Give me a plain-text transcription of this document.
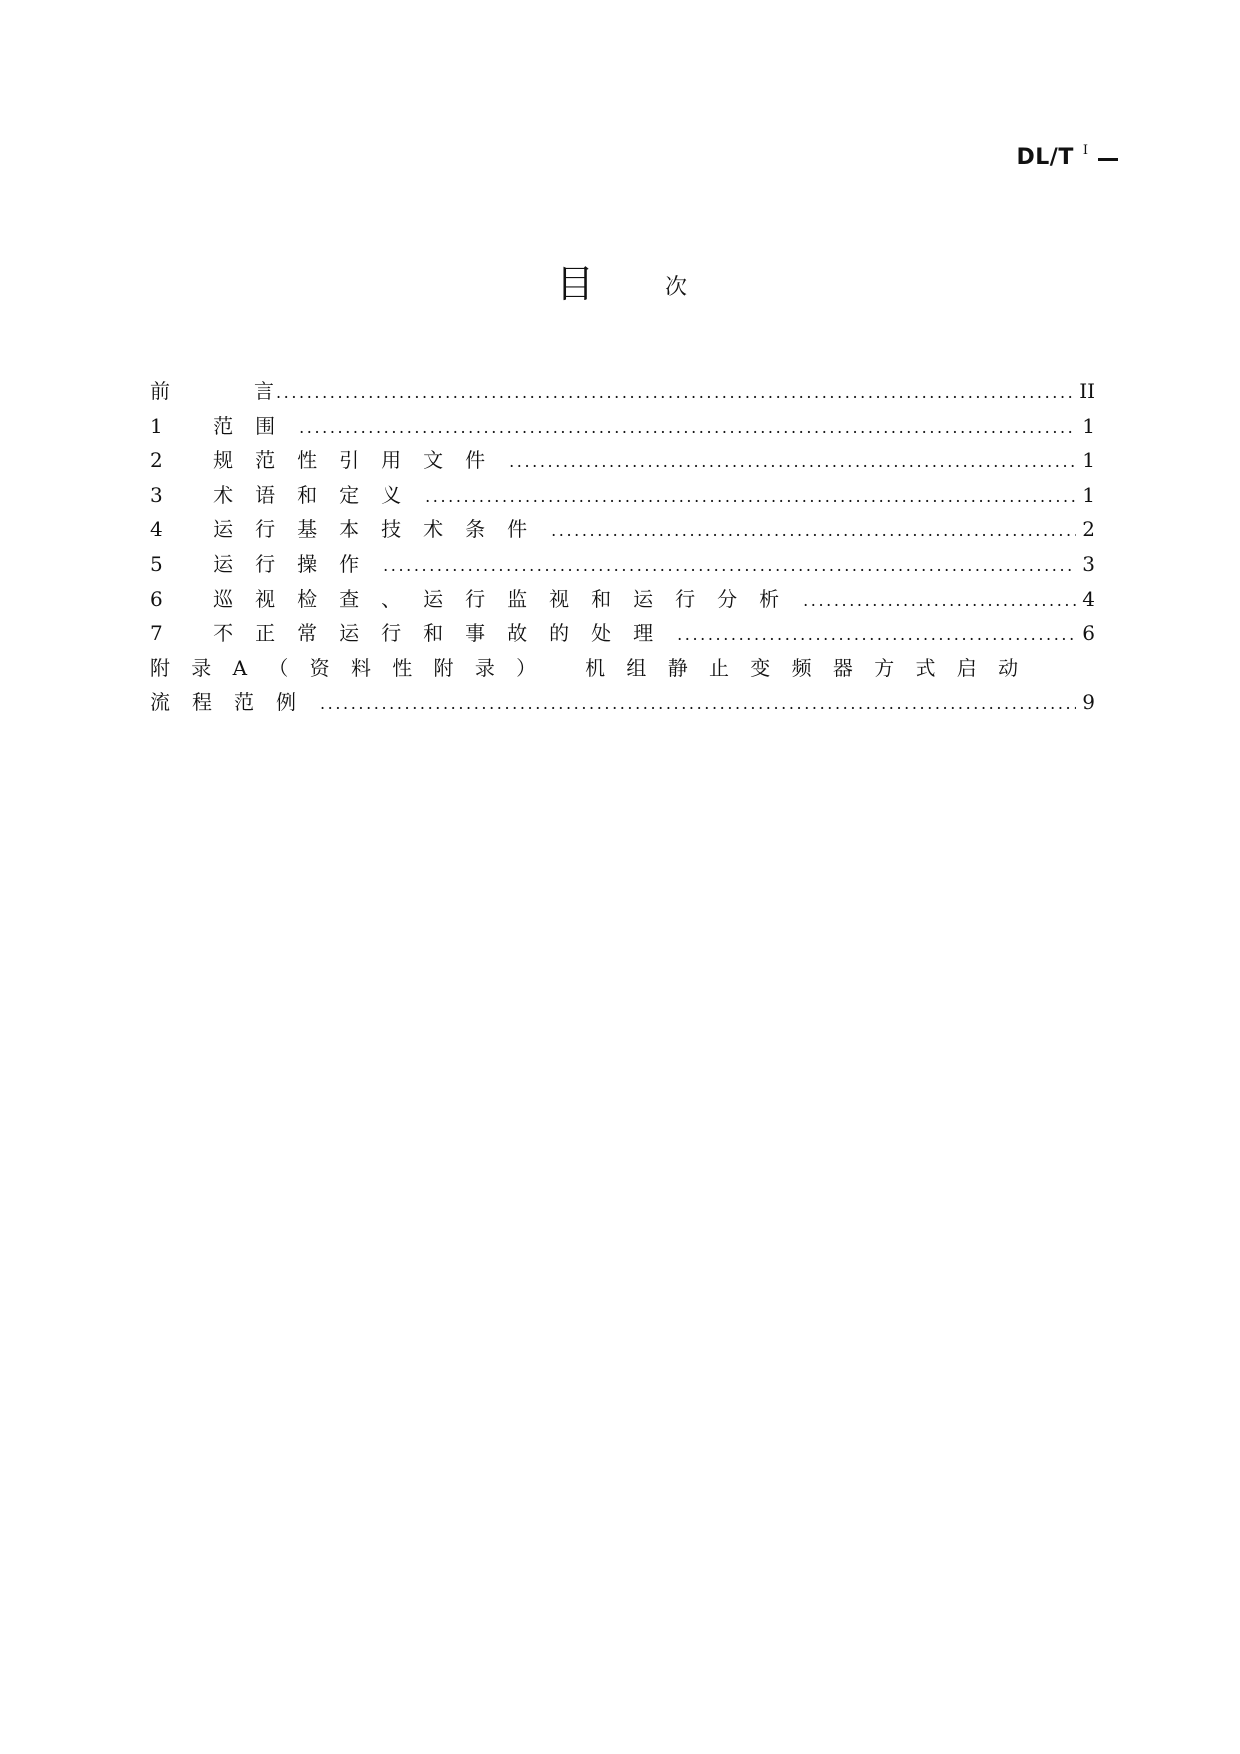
DL/T I
目	次
前	言 .....	II
1 范围 .....	1
2 规范性引用文件 .....	1
3 术语和定义 .....	1
4 运行基本技术条件 .....	2
5 运行操作 .....	3
6 巡视检查、运行监视和运行分析 .....	4
7 不正常运行和事故的处理 .....	6
附录A（资料性附录） 机组静止变频器方式启动
流程范例 .....	9
